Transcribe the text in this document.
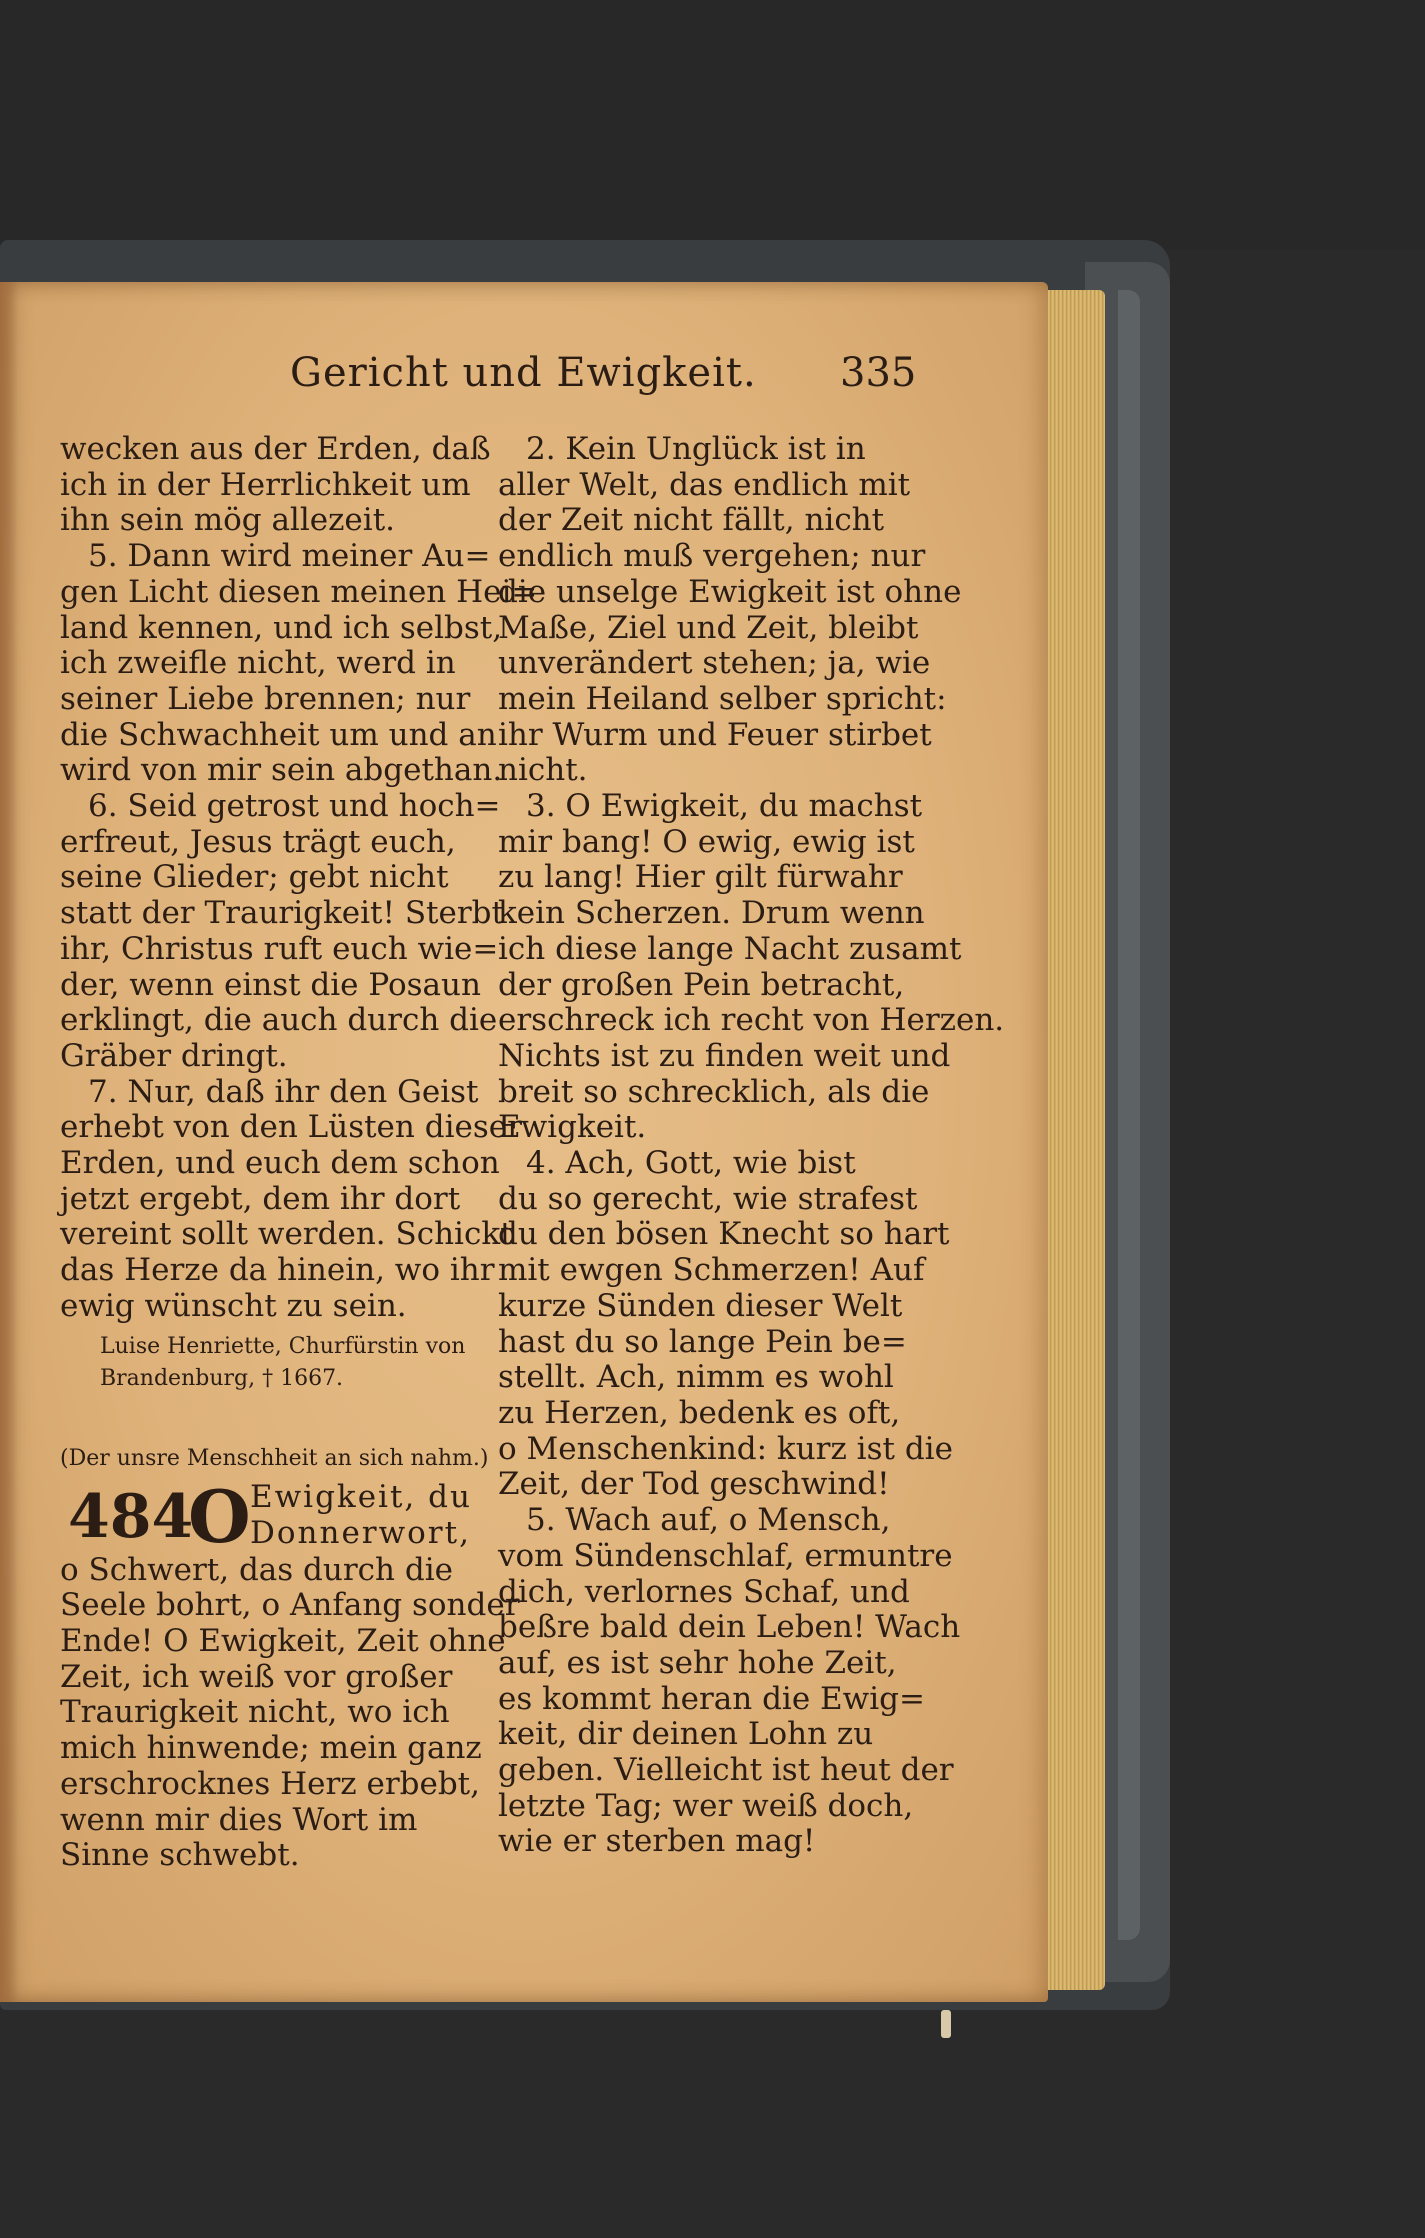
Gericht und Ewigkeit. 335
wecken aus der Erden, daß
ich in der Herrlichkeit um
ihn sein mög allezeit.
5. Dann wird meiner Au=
gen Licht diesen meinen Hei=
land kennen, und ich selbst,
ich zweifle nicht, werd in
seiner Liebe brennen; nur
die Schwachheit um und an
wird von mir sein abgethan.
6. Seid getrost und hoch=
erfreut, Jesus trägt euch,
seine Glieder; gebt nicht
statt der Traurigkeit! Sterbt
ihr, Christus ruft euch wie=
der, wenn einst die Posaun
erklingt, die auch durch die
Gräber dringt.
7. Nur, daß ihr den Geist
erhebt von den Lüsten dieser
Erden, und euch dem schon
jetzt ergebt, dem ihr dort
vereint sollt werden. Schickt
das Herze da hinein, wo ihr
ewig wünscht zu sein.
Luise Henriette, Churfürstin von
Brandenburg, † 1667.
(Der unsre Menschheit an sich nahm.)
484
O Ewigkeit, du
Donnerwort,
o Schwert, das durch die
Seele bohrt, o Anfang sonder
Ende! O Ewigkeit, Zeit ohne
Zeit, ich weiß vor großer
Traurigkeit nicht, wo ich
mich hinwende; mein ganz
erschrocknes Herz erbebt,
wenn mir dies Wort im
Sinne schwebt.
2. Kein Unglück ist in
aller Welt, das endlich mit
der Zeit nicht fällt, nicht
endlich muß vergehen; nur
die unselge Ewigkeit ist ohne
Maße, Ziel und Zeit, bleibt
unverändert stehen; ja, wie
mein Heiland selber spricht:
ihr Wurm und Feuer stirbet
nicht.
3. O Ewigkeit, du machst
mir bang! O ewig, ewig ist
zu lang! Hier gilt fürwahr
kein Scherzen. Drum wenn
ich diese lange Nacht zusamt
der großen Pein betracht,
erschreck ich recht von Herzen.
Nichts ist zu finden weit und
breit so schrecklich, als die
Ewigkeit.
4. Ach, Gott, wie bist
du so gerecht, wie strafest
du den bösen Knecht so hart
mit ewgen Schmerzen! Auf
kurze Sünden dieser Welt
hast du so lange Pein be=
stellt. Ach, nimm es wohl
zu Herzen, bedenk es oft,
o Menschenkind: kurz ist die
Zeit, der Tod geschwind!
5. Wach auf, o Mensch,
vom Sündenschlaf, ermuntre
dich, verlornes Schaf, und
beßre bald dein Leben! Wach
auf, es ist sehr hohe Zeit,
es kommt heran die Ewig=
keit, dir deinen Lohn zu
geben. Vielleicht ist heut der
letzte Tag; wer weiß doch,
wie er sterben mag!
